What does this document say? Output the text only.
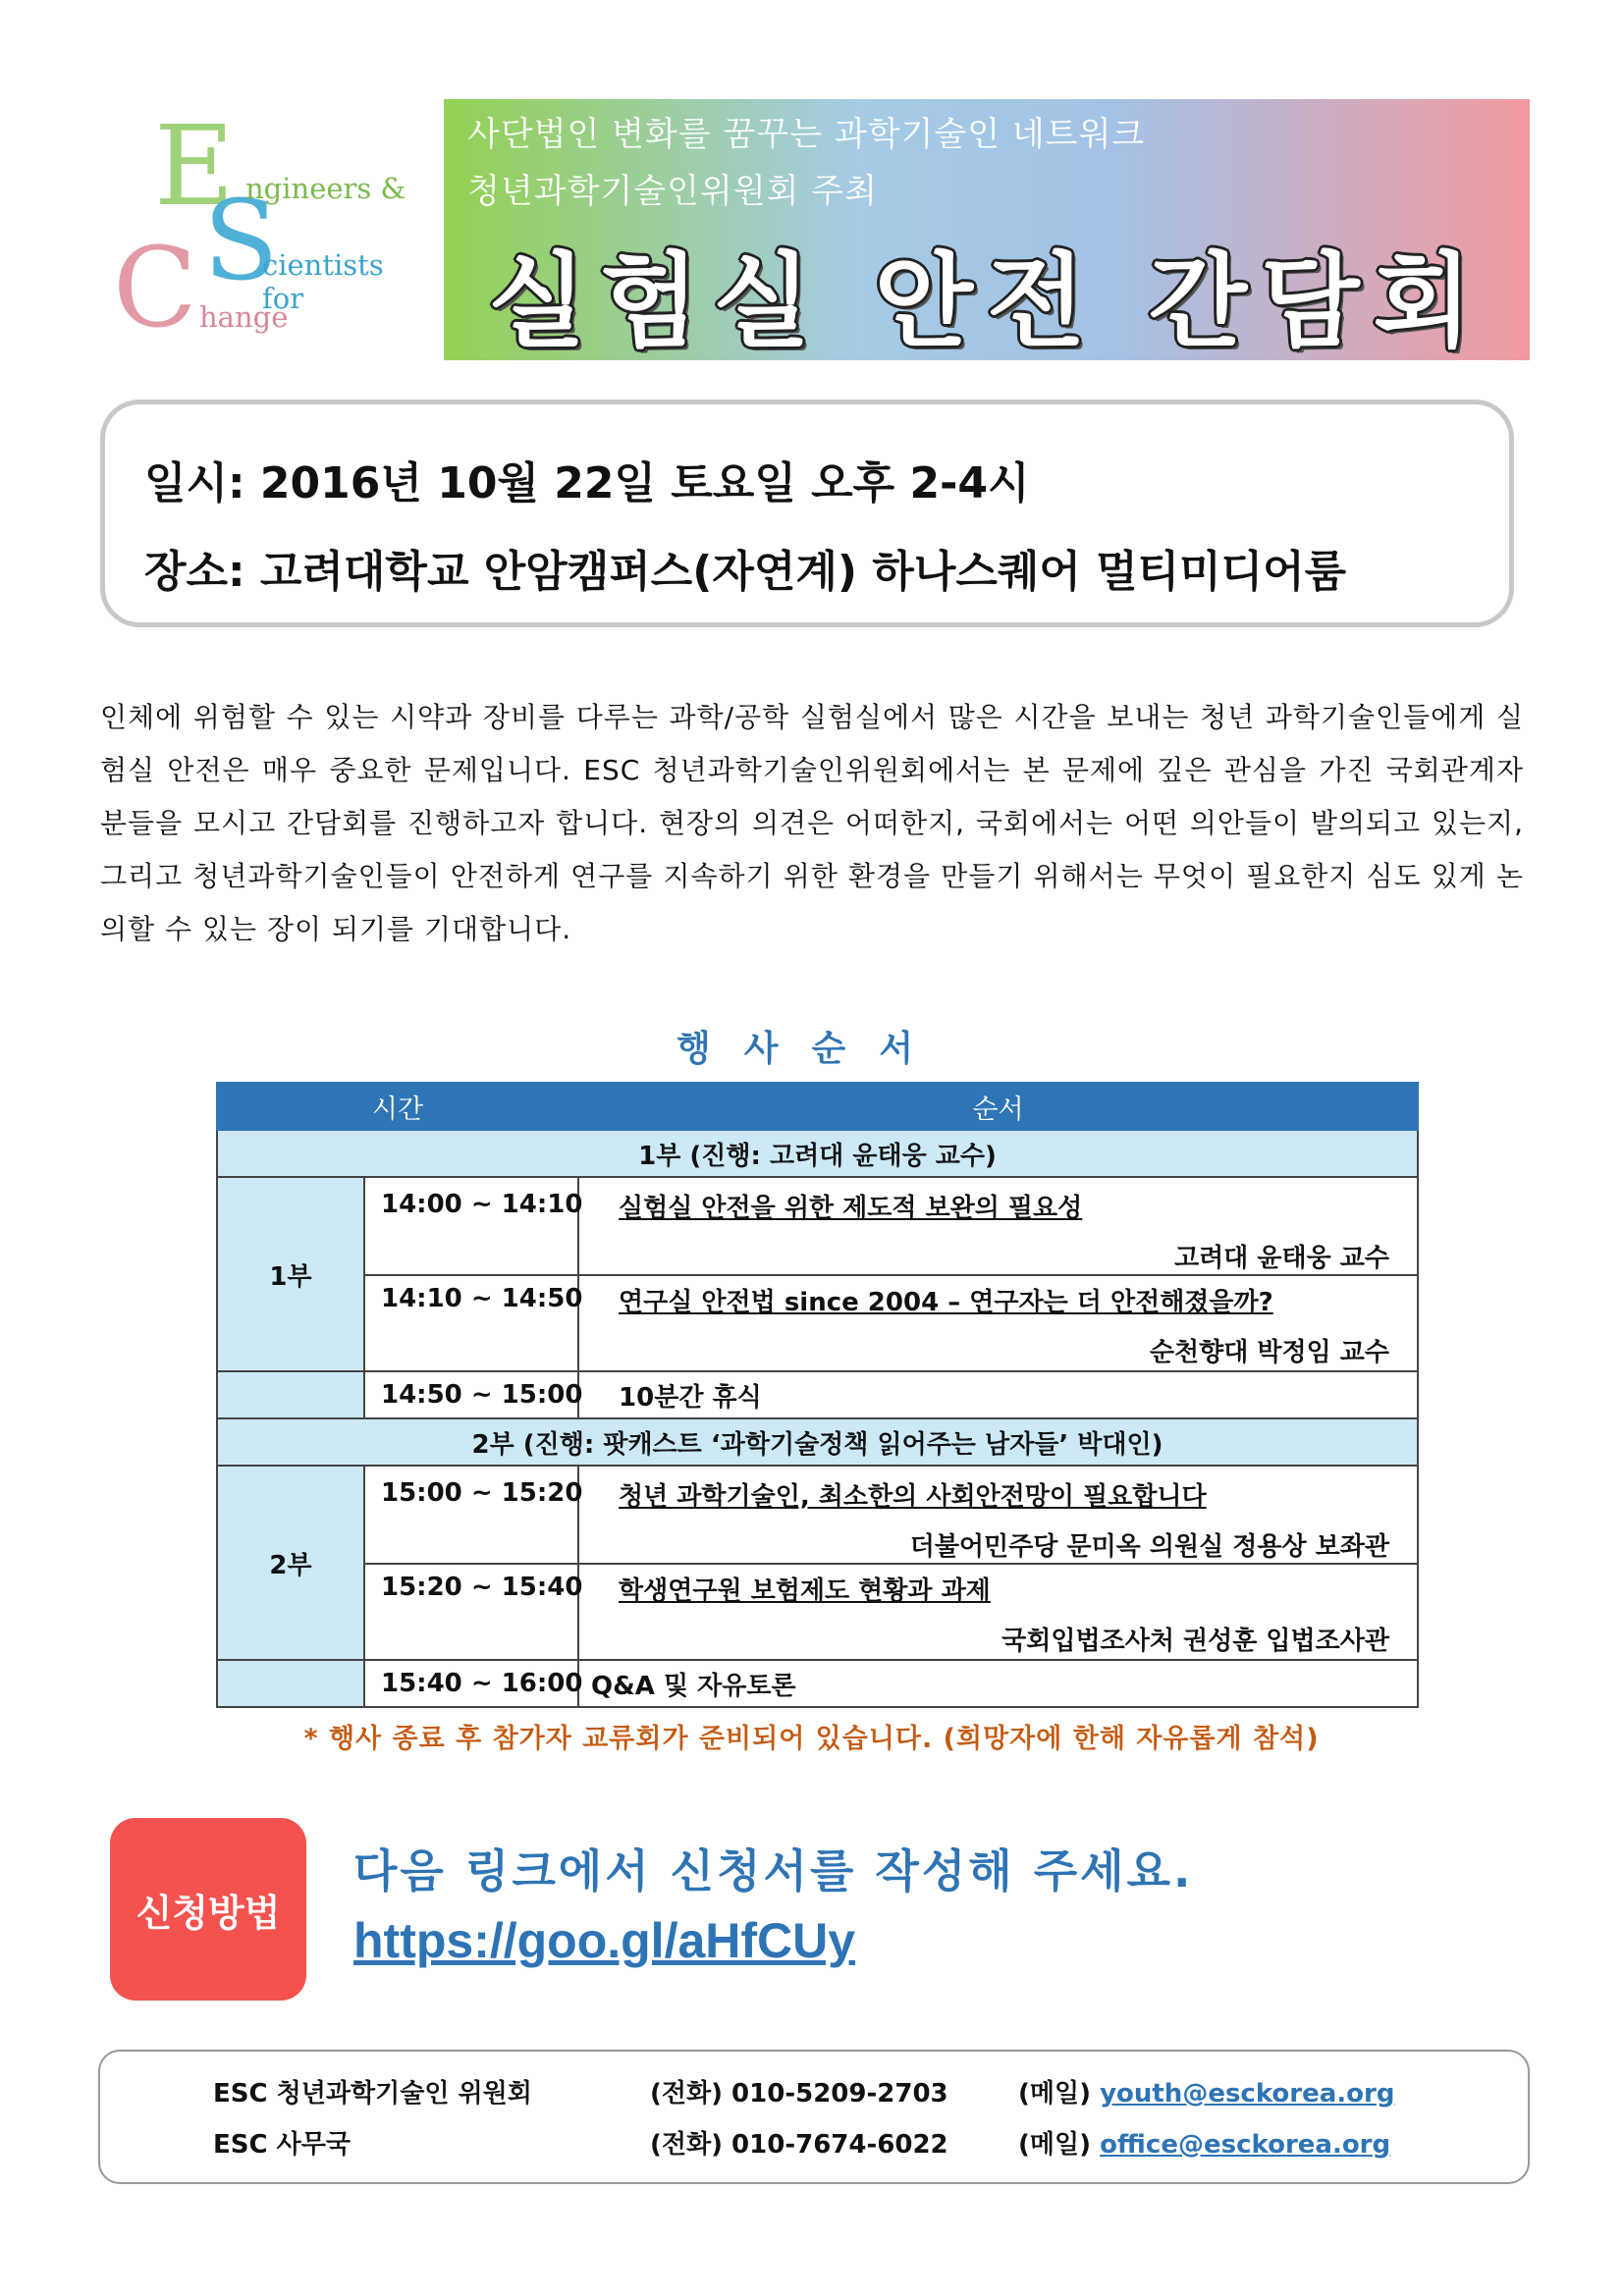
E
S
C
ngineers &
cientists for
hange
사단법인 변화를 꿈꾸는 과학기술인 네트워크
청년과학기술인위원회 주최
실험실 안전 간담회
일시: 2016년 10월 22일 토요일 오후 2-4시
장소: 고려대학교 안암캠퍼스(자연계) 하나스퀘어 멀티미디어룸
인체에 위험할 수 있는 시약과 장비를 다루는 과학/공학 실험실에서 많은 시간을 보내는 청년 과학기술인들에게 실험실 안전은 매우 중요한 문제입니다. ESC 청년과학기술인위원회에서는 본 문제에 깊은 관심을 가진 국회관계자 분들을 모시고 간담회를 진행하고자 합니다. 현장의 의견은 어떠한지, 국회에서는 어떤 의안들이 발의되고 있는지, 그리고 청년과학기술인들이 안전하게 연구를 지속하기 위한 환경을 만들기 위해서는 무엇이 필요한지 심도 있게 논의할 수 있는 장이 되기를 기대합니다.
행사순서
시간		순서
1부 (진행: 고려대 윤태웅 교수)		
1부	14:00 ~ 14:10	실험실 안전을 위한 제도적 보완의 필요성
고려대 윤태웅 교수

	14:10 ~ 14:50	연구실 안전법 since 2004 – 연구자는 더 안전해졌을까?
순천향대 박정임 교수

	14:50 ~ 15:00	10분간 휴식
2부 (진행: 팟캐스트 ‘과학기술정책 읽어주는 남자들’ 박대인)		
2부	15:00 ~ 15:20	청년 과학기술인, 최소한의 사회안전망이 필요합니다
더불어민주당 문미옥 의원실 정용상 보좌관

	15:20 ~ 15:40	학생연구원 보험제도 현황과 과제
국회입법조사처 권성훈 입법조사관

	15:40 ~ 16:00	Q&A 및 자유토론
* 행사 종료 후 참가자 교류회가 준비되어 있습니다. (희망자에 한해 자유롭게 참석)
신청방법
다음 링크에서 신청서를 작성해 주세요.
https://goo.gl/aHfCUy
ESC 청년과학기술인 위원회	(전화) 010-5209-2703	(메일) youth@esckorea.org
ESC 사무국	(전화) 010-7674-6022	(메일) office@esckorea.org
